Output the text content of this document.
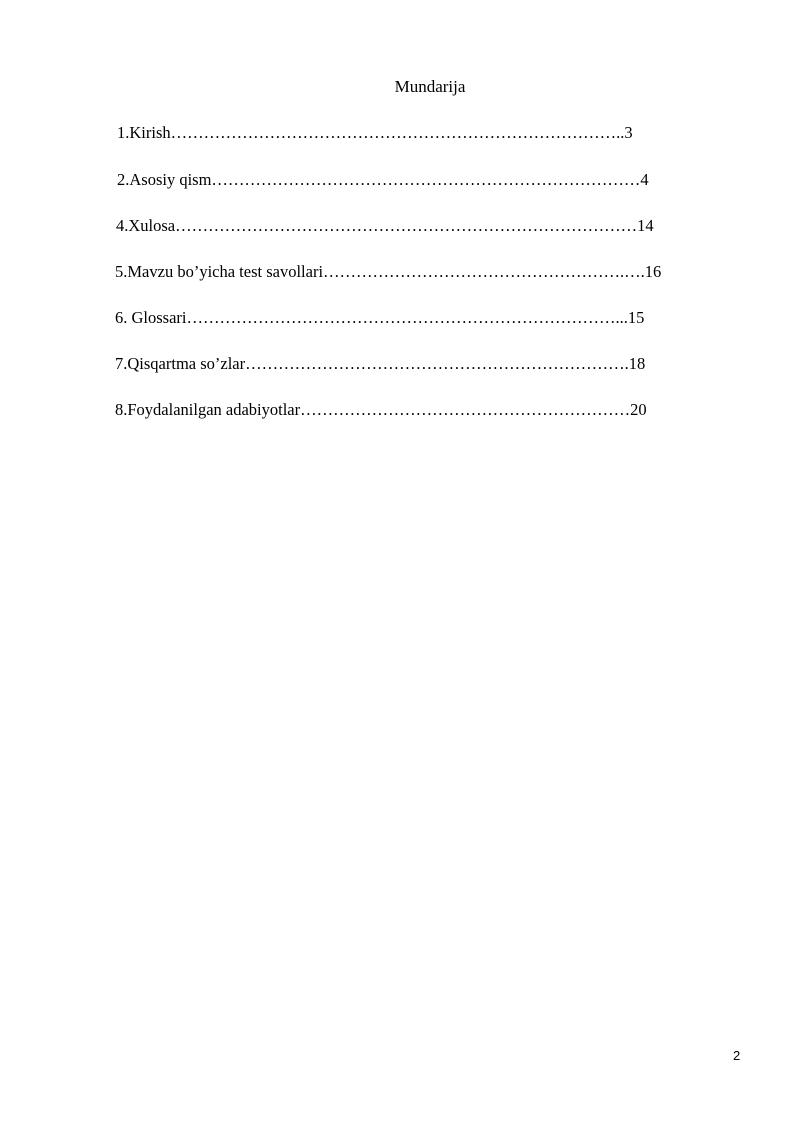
Mundarija
1.Kirish………………………………………………………………………..3
2.Asosiy qism……………………………………………………………………4
4.Xulosa…………………………………………………………………………14
5.Mavzu bo’yicha test savollari……………………………………………….….16
6. Glossari……………………………………………………………………...15
7.Qisqartma so’zlar…………………………………………………………….18
8.Foydalanilgan adabiyotlar……………………………………………………20
2
